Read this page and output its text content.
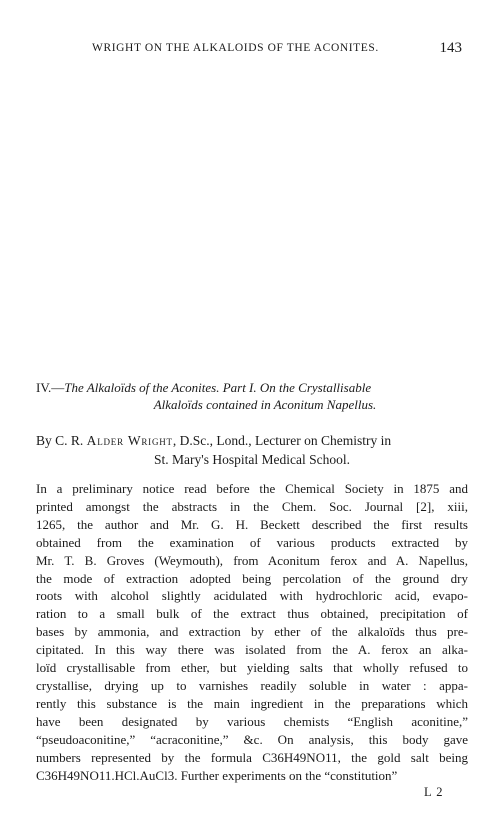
WRIGHT ON THE ALKALOIDS OF THE ACONITES.	143
IV.—The Alkaloïds of the Aconites. Part I. On the Crystallisable
Alkaloïds contained in Aconitum Napellus.
By C. R. Alder Wright, D.Sc., Lond., Lecturer on Chemistry in
St. Mary's Hospital Medical School.
In a preliminary notice read before the Chemical Society in 1875 and
printed amongst the abstracts in the Chem. Soc. Journal [2], xiii,
1265, the author and Mr. G. H. Beckett described the first results
obtained from the examination of various products extracted by
Mr. T. B. Groves (Weymouth), from Aconitum ferox and A. Napellus,
the mode of extraction adopted being percolation of the ground dry
roots with alcohol slightly acidulated with hydrochloric acid, evapo-
ration to a small bulk of the extract thus obtained, precipitation of
bases by ammonia, and extraction by ether of the alkaloïds thus pre-
cipitated. In this way there was isolated from the A. ferox an alka-
loïd crystallisable from ether, but yielding salts that wholly refused to
crystallise, drying up to varnishes readily soluble in water : appa-
rently this substance is the main ingredient in the preparations which
have been designated by various chemists “English aconitine,”
“pseudoaconitine,” “acraconitine,” &c. On analysis, this body gave
numbers represented by the formula C36H49NO11, the gold salt being
C36H49NO11.HCl.AuCl3. Further experiments on the “constitution”
L 2
